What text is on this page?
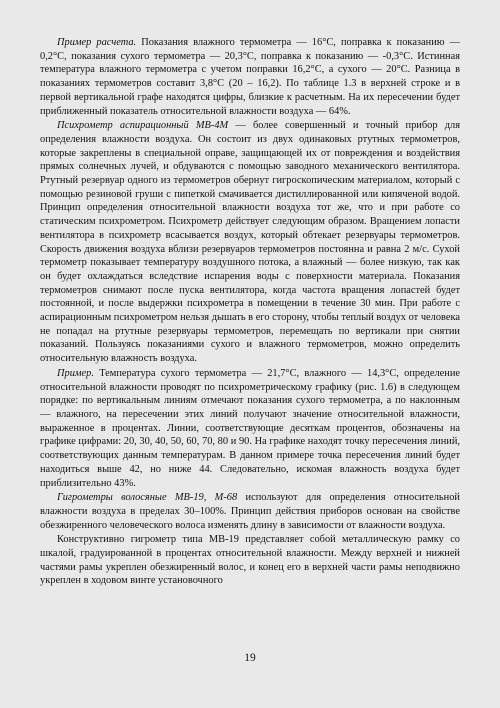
Пример расчета. Показания влажного термометра — 16°С, поправка к показанию — 0,2°С, показания сухого термометра — 20,3°С, поправка к показанию — -0,3°С. Истинная температура влажного термометра с учетом поправки 16,2°С, а сухого — 20°С. Разница в показаниях термометров составит 3,8°С (20 – 16,2). По таблице 1.3 в верхней строке и в первой вертикальной графе находятся цифры, близкие к расчетным. Ha их пересечении будет приближенный показатель относительной влажности воздуха — 64%.

Психрометр аспирационный МВ-4М — более совершенный и точный прибор для определения влажности воздуха. Он состоит из двух одинаковых ртутных термометров, которые закреплены в специальной оправе, защищающей их от повреждения и воздействия прямых солнечных лучей, и обдуваются с помощью заводного механического вентилятора. Ртутный резервуар одного из термометров обернут гигроскопическим материалом, который с помощью резиновой груши с пипеткой смачивается дистиллированной или кипяченой водой. Принцип определения относительной влажности воздуха тот же, что и при работе со статическим психрометром. Психрометр действует следующим образом. Вращением лопасти вентилятора в психрометр всасывается воздух, который обтекает резервуары термометров. Скорость движения воздуха вблизи резервуаров термометров постоянна и равна 2 м/с. Сухой термометр показывает температуру воздушного потока, а влажный — более низкую, так как он будет охлаждаться вследствие испарения воды с поверхности материала. Показания термометров снимают после пуска вентилятора, когда частота вращения лопастей будет постоянной, и после выдержки психрометра в помещении в течение 30 мин. При работе с аспирационным психрометром нельзя дышать в его сторону, чтобы теплый воздух от человека не попадал на ртутные резервуары термометров, перемещать по вертикали при снятии показаний. Пользуясь показаниями сухого и влажного термометров, можно определить относительную влажность воздуха.

Пример. Температура сухого термометра — 21,7°С, влажного — 14,3°С, определение относительной влажности проводят по психрометрическому графику (рис. 1.6) в следующем порядке: по вертикальным линиям отмечают показания сухого термометра, а по наклонным — влажного, на пересечении этих линий получают значение относительной влажности, выраженное в процентах. Линии, соответствующие десяткам процентов, обозначены на графике цифрами: 20, 30, 40, 50, 60, 70, 80 и 90. На графике находят точку пересечения линий, соответствующих данным температурам. В данном примере точка пересечения линий будет находиться выше 42, но ниже 44. Следовательно, искомая влажность воздуха будет приблизительно 43%.

Гигрометры волосяные МВ-19, М-68 используют для определения относительной влажности воздуха в пределах 30–100%. Принцип действия приборов основан на свойстве обезжиренного человеческого волоса изменять длину в зависимости от влажности воздуха.

Конструктивно гигрометр типа МВ-19 представляет собой металлическую рамку со шкалой, градуированной в процентах относительной влажности. Между верхней и нижней частями рамы укреплен обезжиренный волос, и конец его в верхней части рамы неподвижно укреплен в ходовом винте установочного

19
